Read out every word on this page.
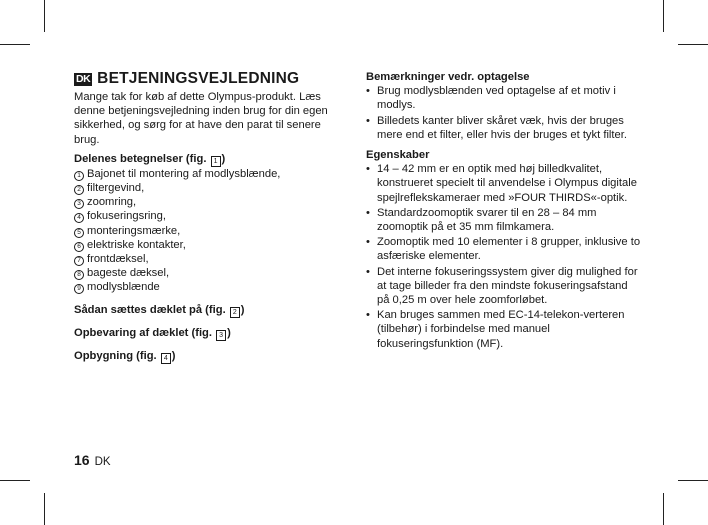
DK BETJENINGSVEJLEDNING

Mange tak for køb af dette Olympus-produkt. Læs denne betjeningsvejledning inden brug for din egen sikkerhed, og sørg for at have den parat til senere brug.

Delenes betegnelser (fig. 1 )

1 Bajonet til montering af modlysblænde,
2 filtergevind,
3 zoomring,
4 fokuseringsring,
5 monteringsmærke,
6 elektriske kontakter,
7 frontdæksel,
8 bageste dæksel,
9 modlysblænde

Sådan sættes dæklet på (fig. 2 )

Opbevaring af dæklet (fig. 3 )

Opbygning (fig. 4 )

Bemærkninger vedr. optagelse

• Brug modlysblænden ved optagelse af et motiv i modlys.
• Billedets kanter bliver skåret væk, hvis der bruges mere end et filter, eller hvis der bruges et tykt filter.

Egenskaber

• 14 – 42 mm er en optik med høj billedkvalitet, konstrueret specielt til anvendelse i Olympus digitale spejlreflekskameraer med »FOUR THIRDS«-optik.
• Standardzoomoptik svarer til en 28 – 84 mm zoomoptik på et 35 mm filmkamera.
• Zoomoptik med 10 elementer i 8 grupper, inklusive to asfæriske elementer.
• Det interne fokuseringssystem giver dig mulighed for at tage billeder fra den mindste fokuseringsafstand på 0,25 m over hele zoomforløbet.
• Kan bruges sammen med EC-14-telekon-verteren (tilbehør) i forbindelse med manuel fokuseringsfunktion (MF).
16 DK
